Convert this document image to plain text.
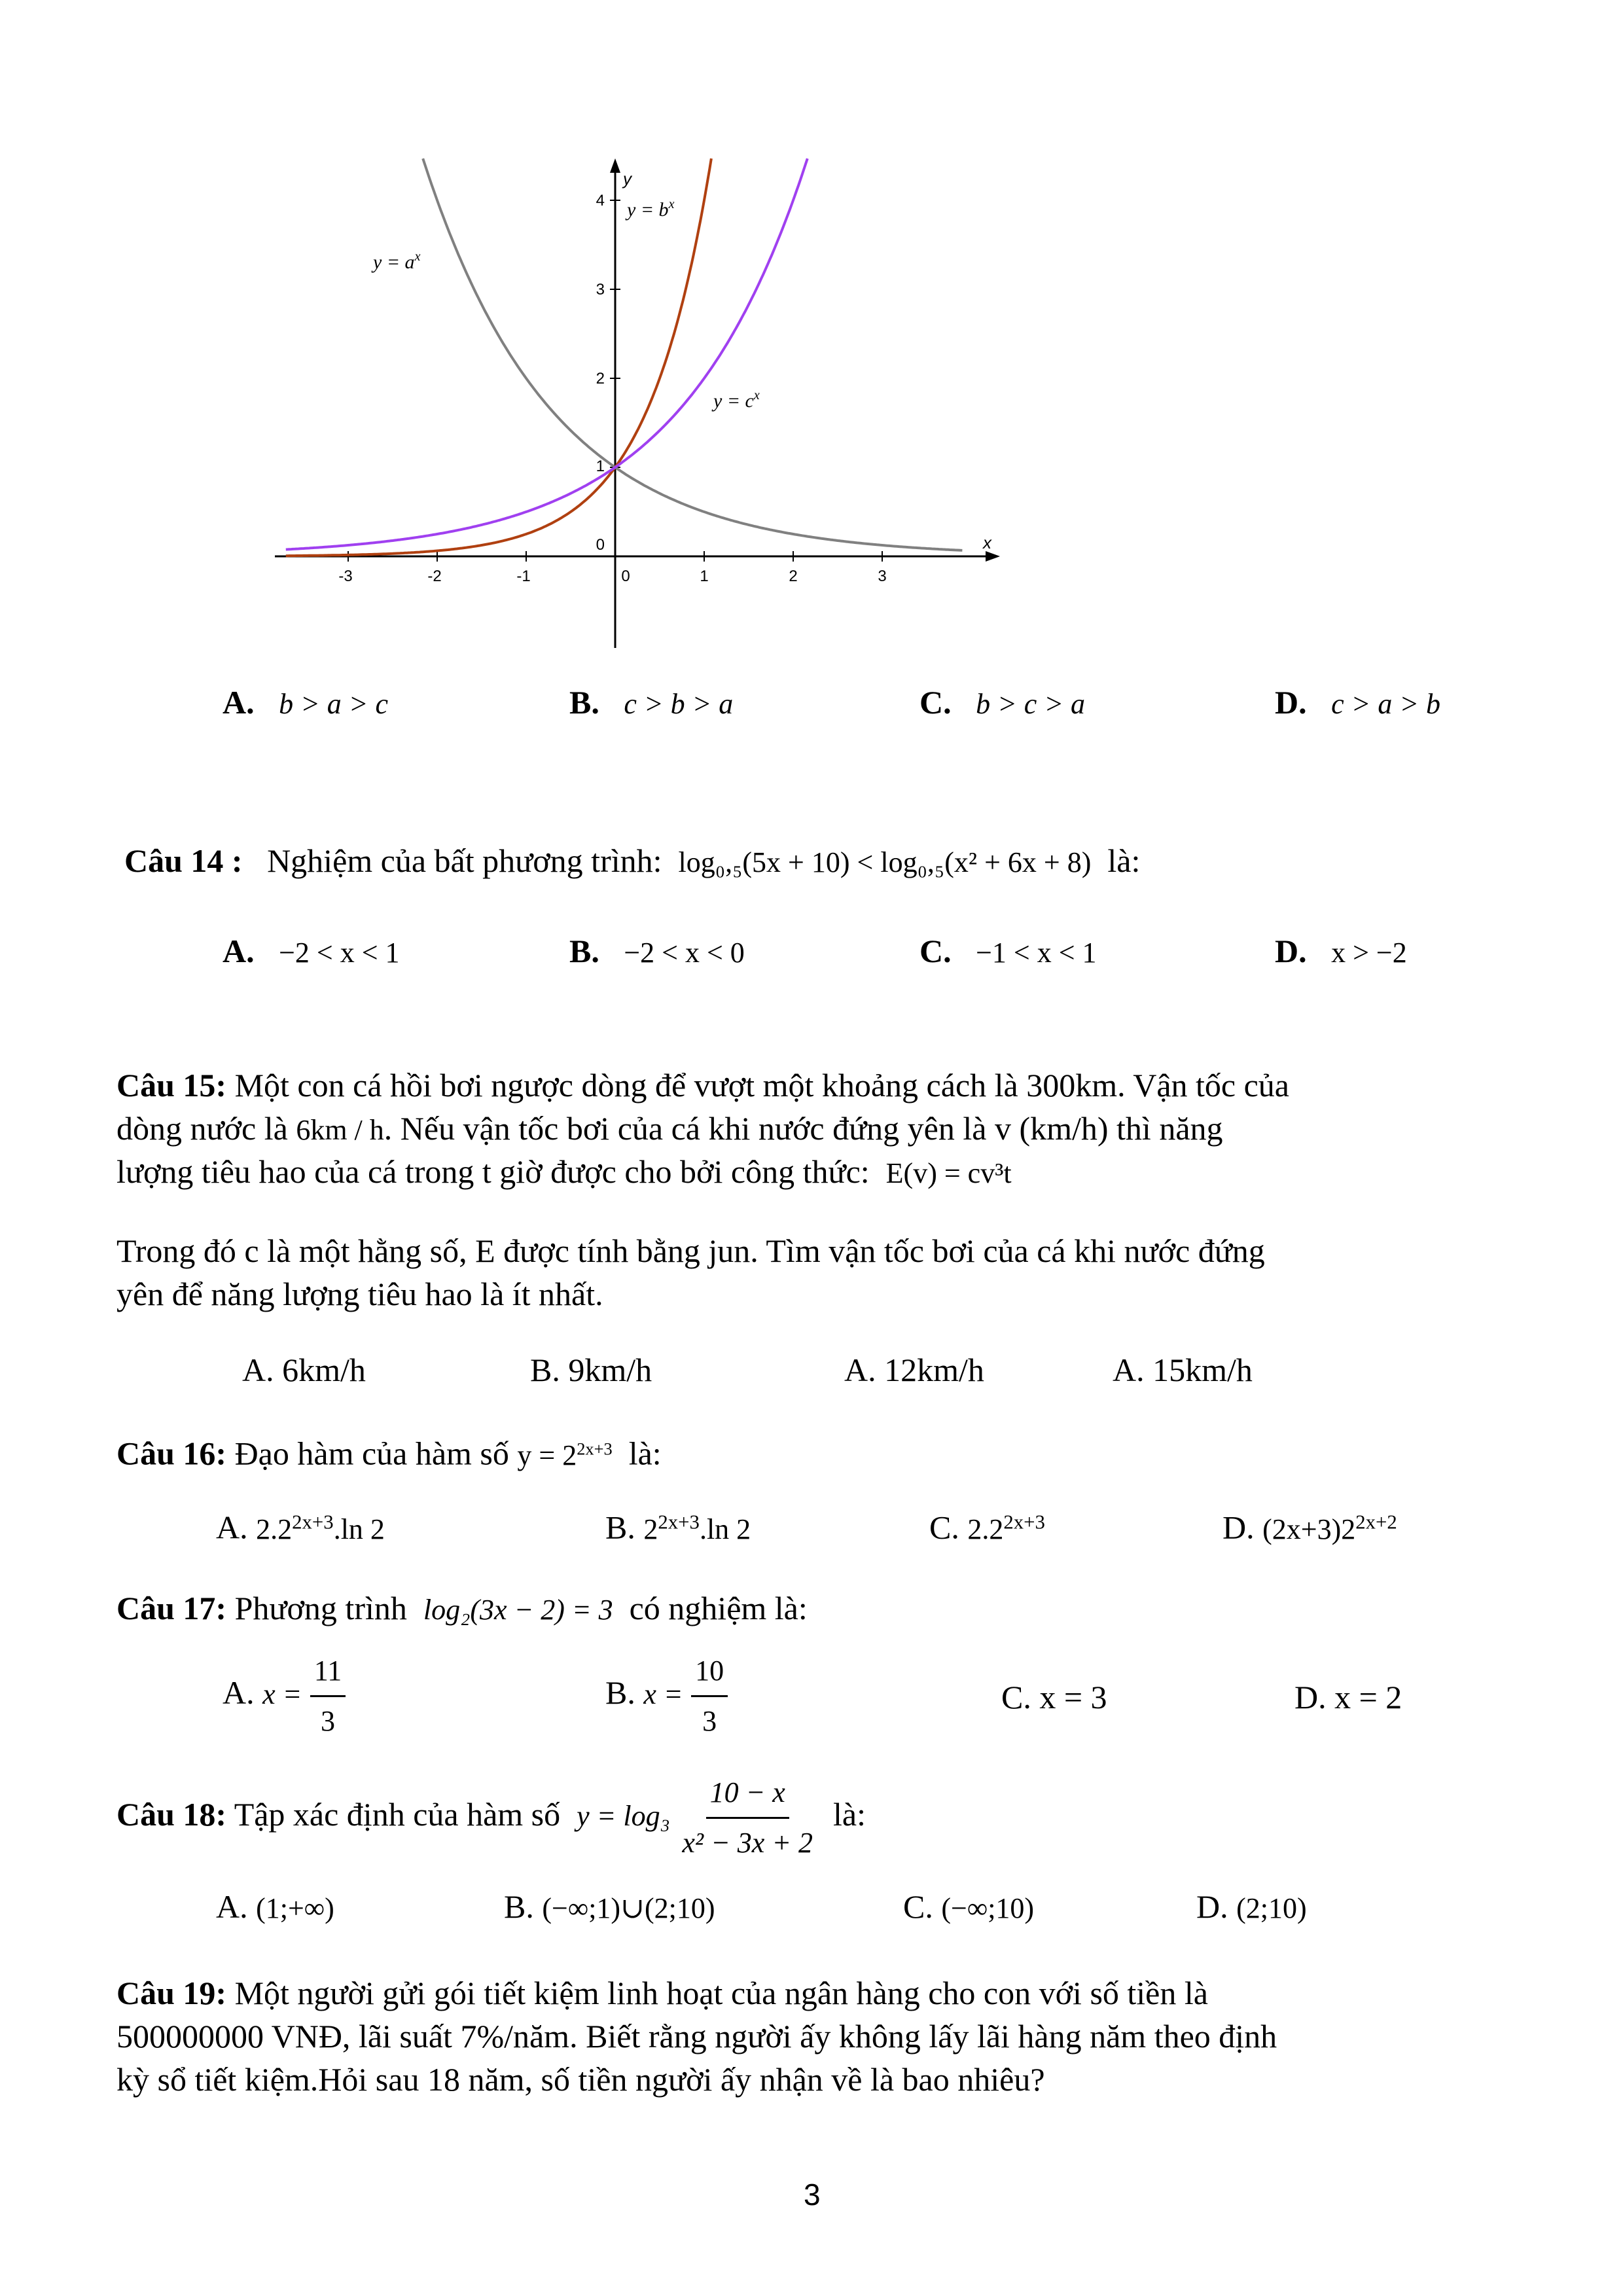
y
x
-3	-2	-1	0	1	2	3
4
3
2
1
0
$y = a^x$
$y = b^x$
$y = c^x$
A. b > a > c	B. c > b > a	C. b > c > a	D. c > a > b
Câu 14 : Nghiệm của bất phương trình: log₀,₅(5x + 10) < log₀,₅(x² + 6x + 8) là:
A. −2 < x < 1	B. −2 < x < 0	C. −1 < x < 1	D. x > −2
Câu 15: Một con cá hồi bơi ngược dòng để vượt một khoảng cách là 300km. Vận tốc của
dòng nước là 6km / h. Nếu vận tốc bơi của cá khi nước đứng yên là v (km/h) thì năng
lượng tiêu hao của cá trong t giờ được cho bởi công thức: E(v) = cv³t
Trong đó c là một hằng số, E được tính bằng jun. Tìm vận tốc bơi của cá khi nước đứng
yên để năng lượng tiêu hao là ít nhất.
A. 6km/h	B. 9km/h	A. 12km/h	A. 15km/h
Câu 16: Đạo hàm của hàm số $y = 2^{2x+3}$ là:
A. $2.2^{2x+3}.\ln$ 2	B. $2^{2x+3}.\ln$ 2	C. $2.2^{2x+3}$	D. $(2x+3)2^{2x+2}$
Câu 17: Phương trình log₂(3x − 2) = 3 có nghiệm là:
A. $x = \frac{11}{3}$	B. $x = \frac{10}{3}$	C. x = 3	D. x = 2
Câu 18: Tập xác định của hàm số $y = \log_3 \frac{10 - x}{\text{x² − 3x + 2}}$ là:
A. (1;+∞)	B. (−∞;1)∪(2;10)	C. (−∞;10)	D. (2;10)
Câu 19: Một người gửi gói tiết kiệm linh hoạt của ngân hàng cho con với số tiền là
500000000 VNĐ, lãi suất 7%/năm. Biết rằng người ấy không lấy lãi hàng năm theo định
kỳ sổ tiết kiệm.Hỏi sau 18 năm, số tiền người ấy nhận về là bao nhiêu?
3
